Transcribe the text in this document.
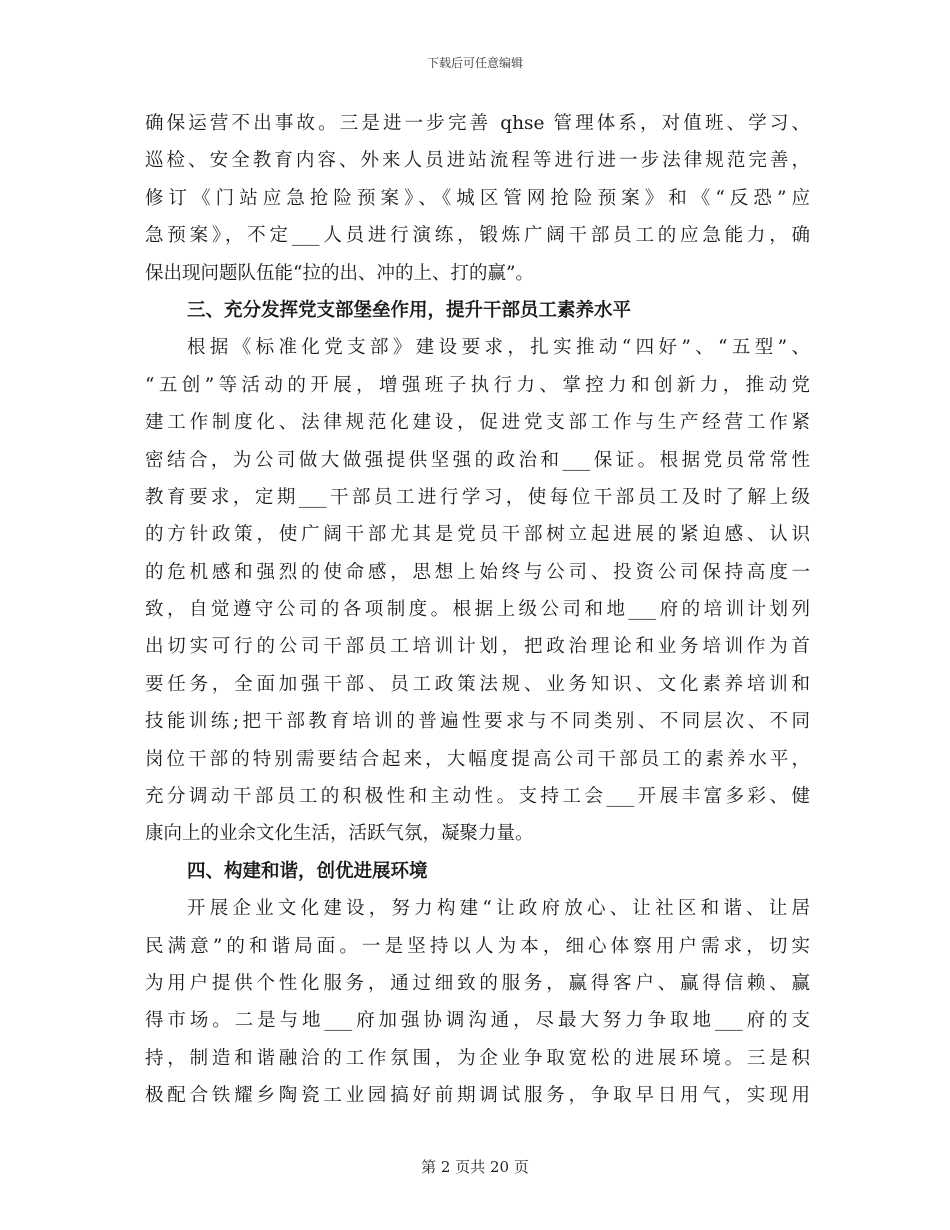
下载后可任意编辑
确保运营不出事故。三是进一步完善 qhse 管理体系，对值班、学习、
巡检、安全教育内容、外来人员进站流程等进行进一步法律规范完善，
修订《门站应急抢险预案》、《城区管网抢险预案》和《“反恐”应
急预案》，不定___人员进行演练，锻炼广阔干部员工的应急能力，确
保出现问题队伍能“拉的出、冲的上、打的赢”。
三、充分发挥党支部堡垒作用，提升干部员工素养水平
根据《标准化党支部》建设要求，扎实推动“四好”、“五型”、
“五创”等活动的开展，增强班子执行力、掌控力和创新力，推动党
建工作制度化、法律规范化建设，促进党支部工作与生产经营工作紧
密结合，为公司做大做强提供坚强的政治和___保证。根据党员常常性
教育要求，定期___干部员工进行学习，使每位干部员工及时了解上级
的方针政策，使广阔干部尤其是党员干部树立起进展的紧迫感、认识
的危机感和强烈的使命感，思想上始终与公司、投资公司保持高度一
致，自觉遵守公司的各项制度。根据上级公司和地___府的培训计划列
出切实可行的公司干部员工培训计划，把政治理论和业务培训作为首
要任务，全面加强干部、员工政策法规、业务知识、文化素养培训和
技能训练;把干部教育培训的普遍性要求与不同类别、不同层次、不同
岗位干部的特别需要结合起来，大幅度提高公司干部员工的素养水平，
充分调动干部员工的积极性和主动性。支持工会___开展丰富多彩、健
康向上的业余文化生活，活跃气氛，凝聚力量。
四、构建和谐，创优进展环境
开展企业文化建设，努力构建“让政府放心、让社区和谐、让居
民满意”的和谐局面。一是坚持以人为本，细心体察用户需求，切实
为用户提供个性化服务，通过细致的服务，赢得客户、赢得信赖、赢
得市场。二是与地___府加强协调沟通，尽最大努力争取地___府的支
持，制造和谐融洽的工作氛围，为企业争取宽松的进展环境。三是积
极配合铁耀乡陶瓷工业园搞好前期调试服务，争取早日用气，实现用
第 2 页共 20 页
